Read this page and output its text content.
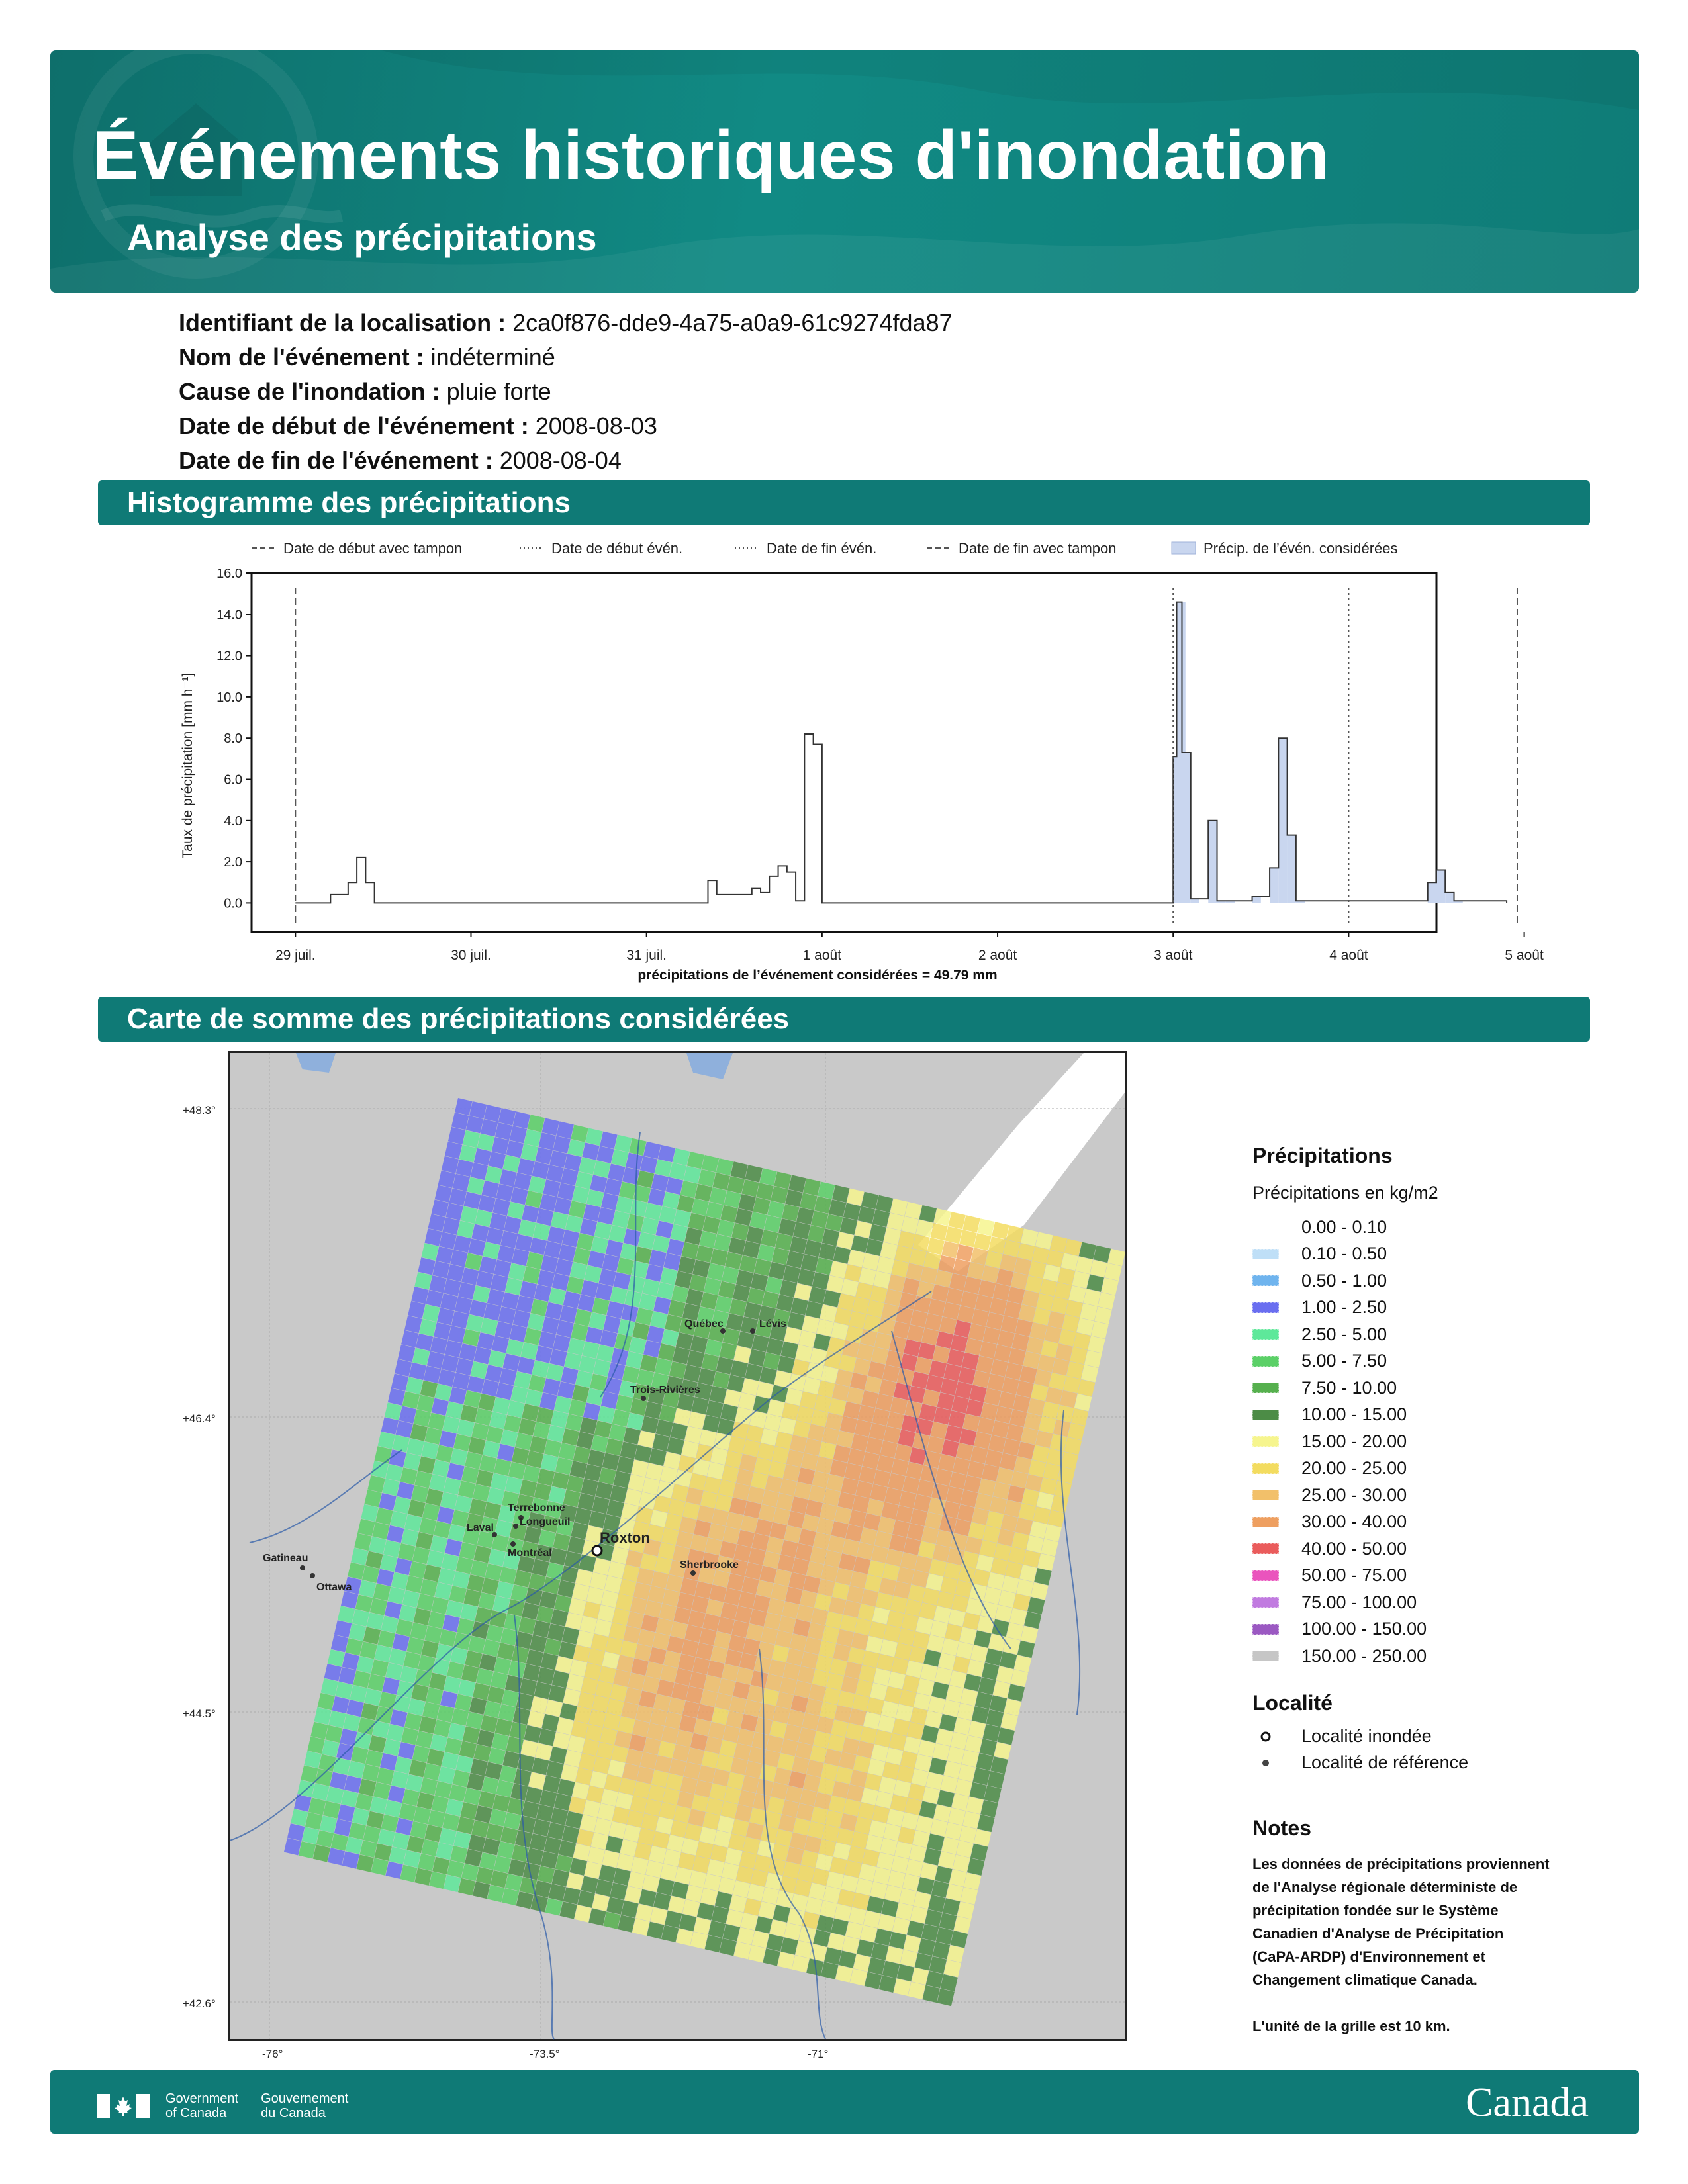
Événements historiques d'inondation
Analyse des précipitations
Identifiant de la localisation : 2ca0f876-dde9-4a75-a0a9-61c9274fda87
Nom de l'événement : indéterminé
Cause de l'inondation : pluie forte
Date de début de l'événement : 2008-08-03
Date de fin de l'événement : 2008-08-04
Histogramme des précipitations
Date de début avec tampon	Date de début évén.	Date de fin évén.	Date de fin avec tampon	Précip. de l’évén. considérées
0.0
2.0
4.0
6.0
8.0
10.0
12.0
14.0
16.0
Taux de précipitation [mm h⁻¹]
29 juil.	30 juil.	31 juil.	1 août	2 août	3 août	4 août	5 août
précipitations de l’événement considérées = 49.79 mm
Carte de somme des précipitations considérées
+48.3°
+46.4°
+44.5°
+42.6°
-76°	-73.5°	-71°
Québec	Lévis
Trois-Rivières
Terrebonne
Laval
Longueuil
Montréal
Gatineau
Ottawa
Sherbrooke
Roxton
Précipitations
Précipitations en kg/m2
0.00 - 0.10
0.10 - 0.50
0.50 - 1.00
1.00 - 2.50
2.50 - 5.00
5.00 - 7.50
7.50 - 10.00
10.00 - 15.00
15.00 - 20.00
20.00 - 25.00
25.00 - 30.00
30.00 - 40.00
40.00 - 50.00
50.00 - 75.00
75.00 - 100.00
100.00 - 150.00
150.00 - 250.00
Localité
Localité inondée
Localité de référence
Notes
Les données de précipitations proviennent
de l'Analyse régionale déterministe de
précipitation fondée sur le Système
Canadien d'Analyse de Précipitation
(CaPA-ARDP) d'Environnement et
Changement climatique Canada.
L'unité de la grille est 10 km.
Government
of Canada
Gouvernement
du Canada	Canada
